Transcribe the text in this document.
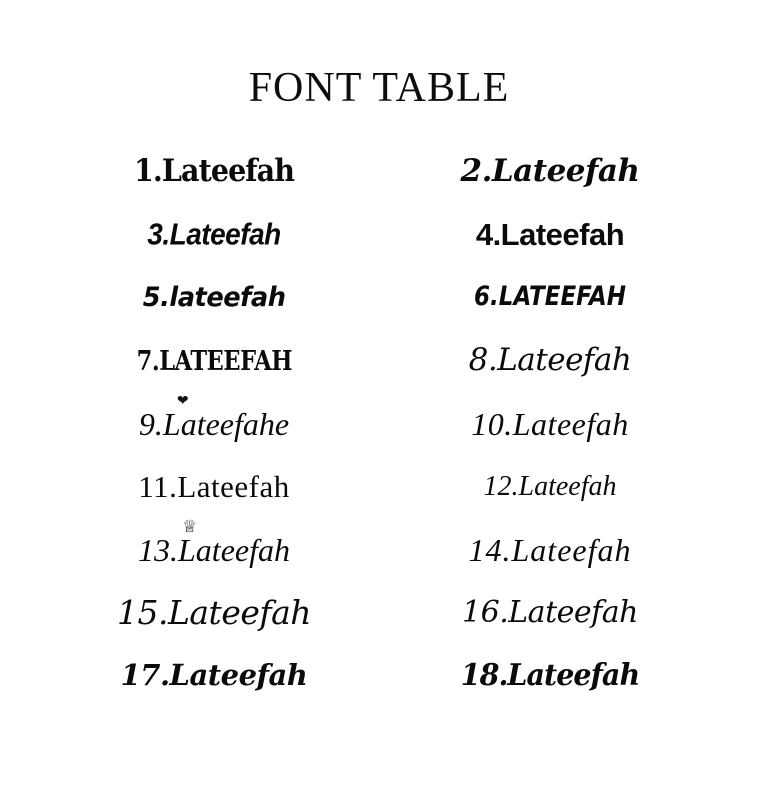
FONT TABLE
1.Lateefah	2.Lateefah
3.Lateefah	4.Lateefah
5.lateefah	6.LATEEFAH
7.LATEEFAH	8.Lateefah
❤
9.Lateefahe	10.Lateefah
11.Lateefah	12.Lateefah
♕
13.Lateefah	14.Lateefah
15.Lateefah	16.Lateefah
17.Lateefah	18.Lateefah
